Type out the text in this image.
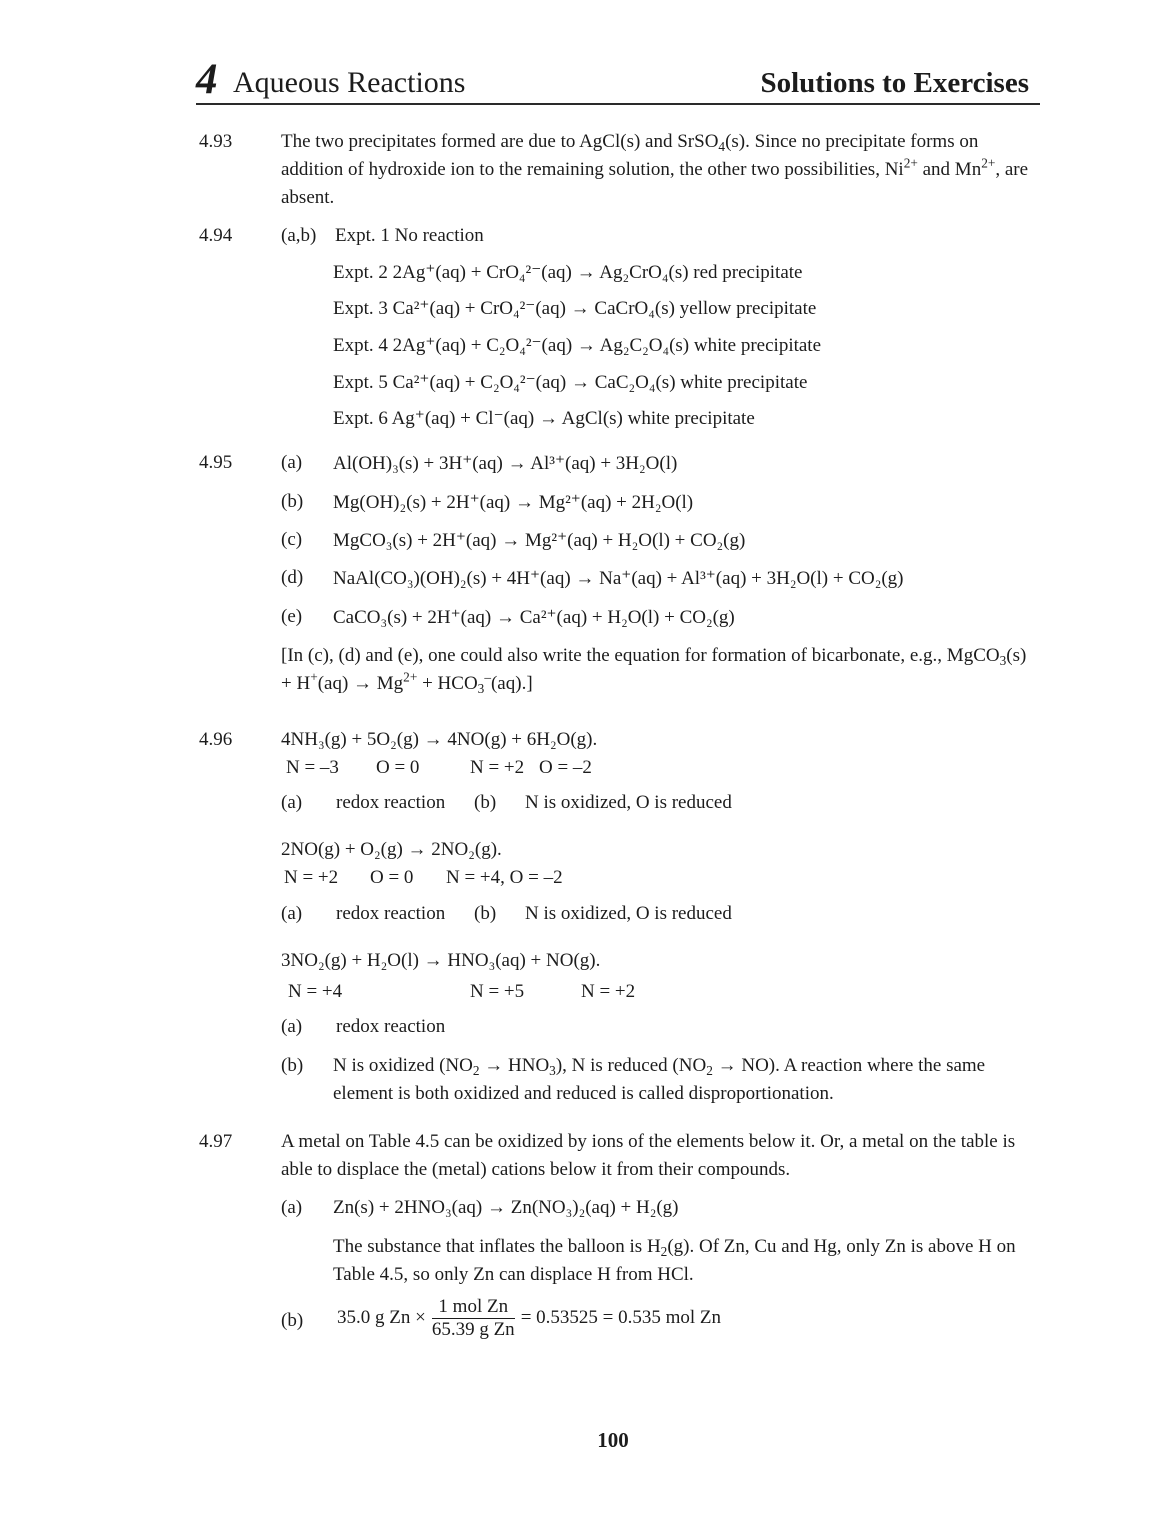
4 Aqueous Reactions	Solutions to Exercises
4.93	The two precipitates formed are due to AgCl(s) and SrSO$_4$(s). Since no precipitate forms on addition of hydroxide ion to the remaining solution, the other two possibilities, $Ni^{2+}$ and $Mn^{2+}$, are absent.
4.94	(a,b) Expt. 1 No reaction
Expt. 2 2Ag⁺(aq) + CrO₄²⁻(aq) → Ag₂CrO₄(s) red precipitate
Expt. 3 Ca²⁺(aq) + CrO₄²⁻(aq) → CaCrO₄(s) yellow precipitate
Expt. 4 2Ag⁺(aq) + C₂O₄²⁻(aq) → Ag₂C₂O₄(s) white precipitate
Expt. 5 Ca²⁺(aq) + C₂O₄²⁻(aq) → CaC₂O₄(s) white precipitate
Expt. 6 Ag⁺(aq) + Cl⁻(aq) → AgCl(s) white precipitate
4.95	(a) Al(OH)₃(s) + 3H⁺(aq) → Al³⁺(aq) + 3H₂O(l)
(b) Mg(OH)₂(s) + 2H⁺(aq) → Mg²⁺(aq) + 2H₂O(l)
(c) MgCO₃(s) + 2H⁺(aq) → Mg²⁺(aq) + H₂O(l) + CO₂(g)
(d) NaAl(CO₃)(OH)₂(s) + 4H⁺(aq) → Na⁺(aq) + Al³⁺(aq) + 3H₂O(l) + CO₂(g)
(e) CaCO₃(s) + 2H⁺(aq) → Ca²⁺(aq) + H₂O(l) + CO₂(g)
[In (c), (d) and (e), one could also write the equation for formation of bicarbonate, e.g., MgCO$_3$(s) + $H^+(aq) \to Mg^{2+} + HCO_3^-(aq)$.]
4.96	4NH₃(g) + 5O₂(g) → 4NO(g) + 6H₂O(g).
N = –3 O = 0	N = +2 O = –2
(a) redox reaction (b) N is oxidized, O is reduced
2NO(g) + O₂(g) → 2NO₂(g).
N = +2 O = 0 N = +4, O = –2
(a) redox reaction (b) N is oxidized, O is reduced
3NO₂(g) + H₂O(l) → HNO₃(aq) + NO(g).
N = +4	N = +5	N = +2
(a) redox reaction
(b) N is oxidized $(NO_2 \to HNO_3)$, N is reduced $(NO_2 \to NO)$. A reaction where the same element is both oxidized and reduced is called disproportionation.
4.97	A metal on Table 4.5 can be oxidized by ions of the elements below it. Or, a metal on the table is able to displace the (metal) cations below it from their compounds.
(a) Zn(s) + 2HNO₃(aq) → Zn(NO₃)₂(aq) + H₂(g)
The substance that inflates the balloon is $H_2(g)$. Of Zn, Cu and Hg, only Zn is above H on Table 4.5, so only Zn can displace H from HCl.
(b) 35.0 g $Zn \times \frac{\text{1 mol Zn}}{\text{65.39 g Zn}} = 0.53525 = 0.535$ mol Zn
100
